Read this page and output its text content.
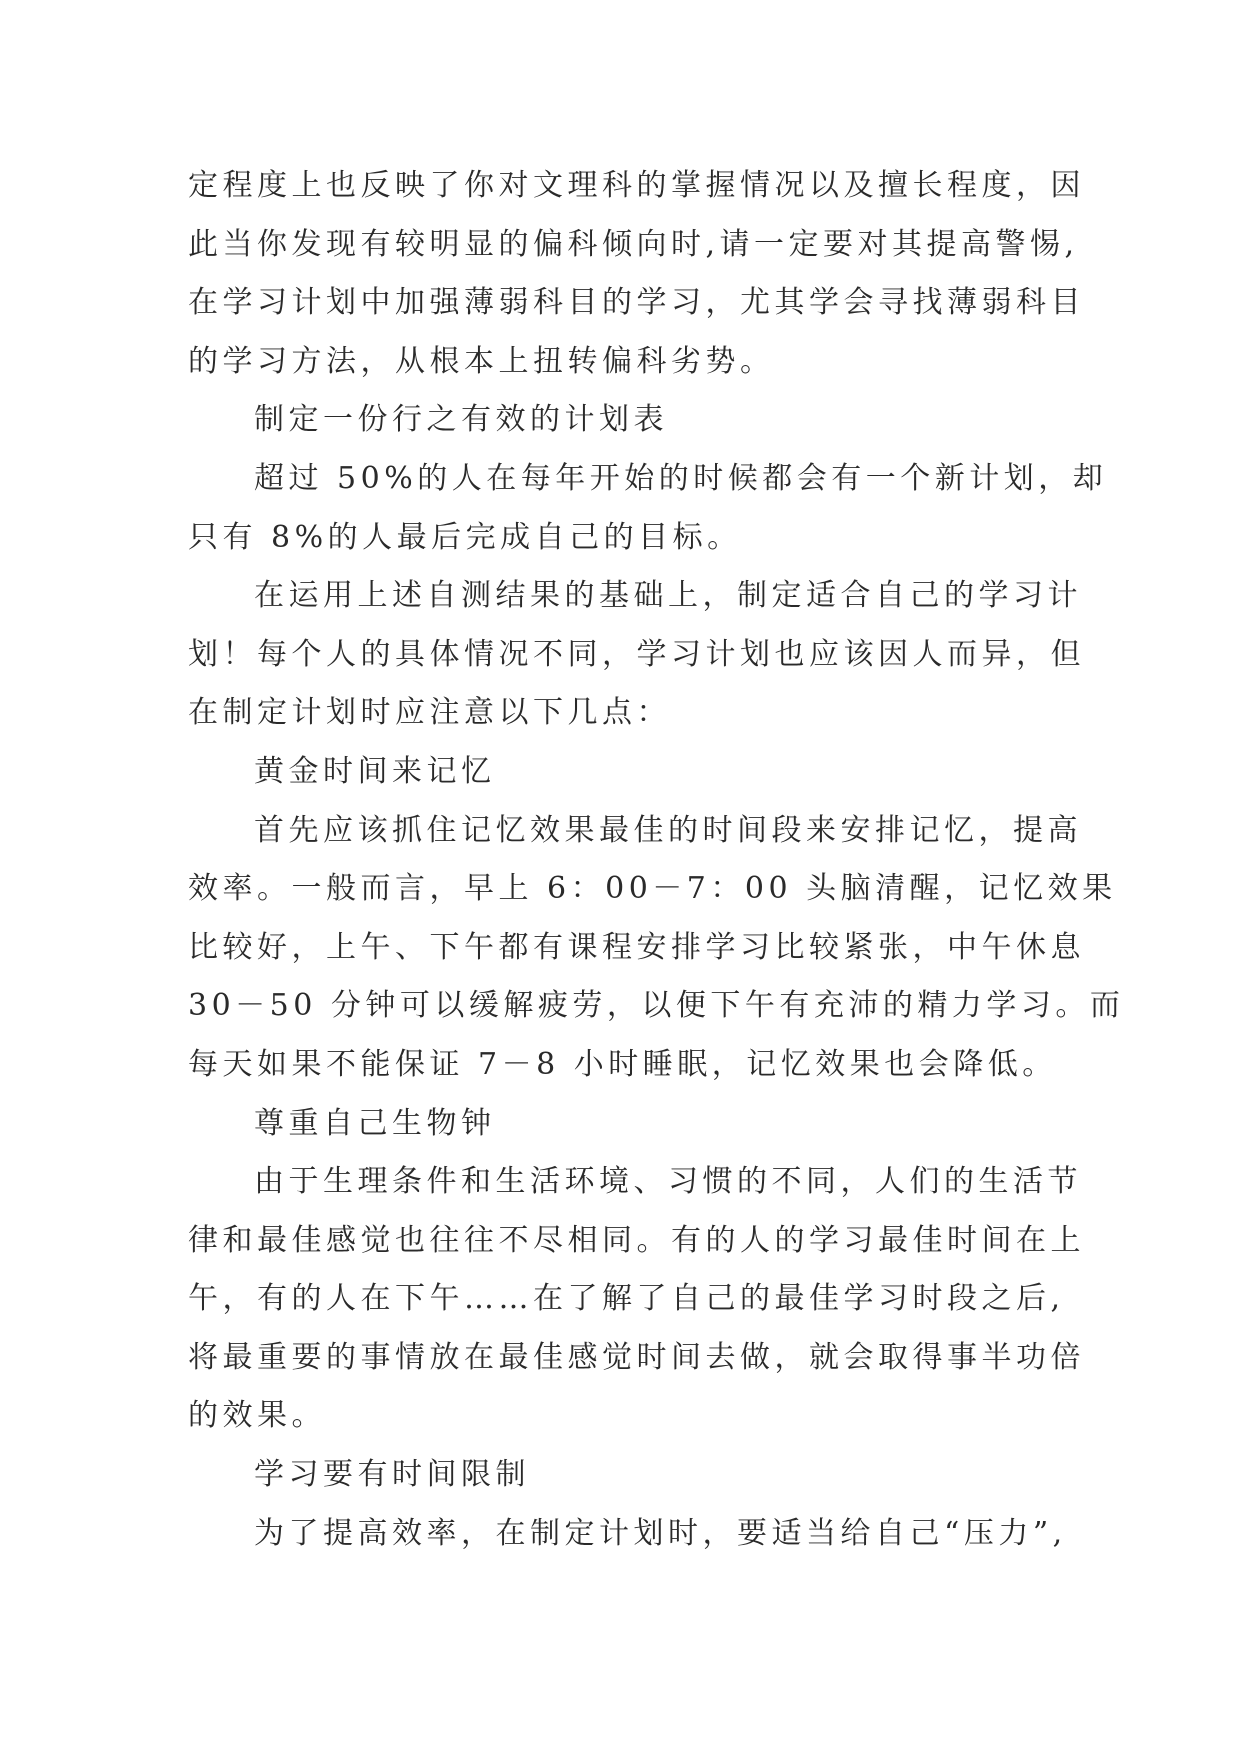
定程度上也反映了你对文理科的掌握情况以及擅长程度，因
此当你发现有较明显的偏科倾向时,请一定要对其提高警惕,
在学习计划中加强薄弱科目的学习，尤其学会寻找薄弱科目
的学习方法，从根本上扭转偏科劣势。
制定一份行之有效的计划表
超过 50%的人在每年开始的时候都会有一个新计划，却
只有 8%的人最后完成自己的目标。
在运用上述自测结果的基础上，制定适合自己的学习计
划！每个人的具体情况不同，学习计划也应该因人而异，但
在制定计划时应注意以下几点：
黄金时间来记忆
首先应该抓住记忆效果最佳的时间段来安排记忆，提高
效率。一般而言，早上 6：00－7：00 头脑清醒，记忆效果
比较好，上午、下午都有课程安排学习比较紧张，中午休息
30－50 分钟可以缓解疲劳，以便下午有充沛的精力学习。而
每天如果不能保证 7－8 小时睡眠，记忆效果也会降低。
尊重自己生物钟
由于生理条件和生活环境、习惯的不同，人们的生活节
律和最佳感觉也往往不尽相同。有的人的学习最佳时间在上
午，有的人在下午……在了解了自己的最佳学习时段之后,
将最重要的事情放在最佳感觉时间去做，就会取得事半功倍
的效果。
学习要有时间限制
为了提高效率，在制定计划时，要适当给自己“压力”,
